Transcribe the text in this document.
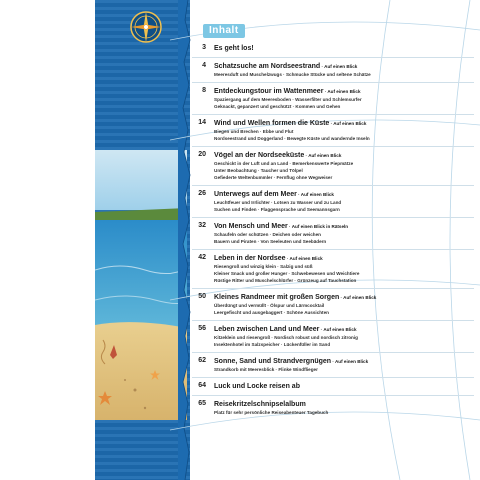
Inhalt
3 Es geht los!
4 Schatzsuche am Nordseestrand · Auf einen Blick
Meeresduft und Muschelzwugs · Schmucke Stücke und seltene Schätze
8 Entdeckungstour im Wattenmeer · Auf einen Blick
Spaziergang auf dem Meeresboden · Wasserfilter und Schlemsurfer
Geknackt, gepanzert und geschützt · Kommen und Gehen
14 Wind und Wellen formen die Küste · Auf einen Blick
Biegen und Brechen · Ebbe und Flut
Nordseestrand und Doggerland · Bewegte Küste und wandernde Inseln
20 Vögel an der Nordseeküste · Auf einen Blick
Geschickt in der Luft und an Land · Bemerkenswerte Piepmätze
Unter Beobachtung · Taucher und Tölpel
Gefiederte Weltenbummler · Fernflug ohne Wegweiser
26 Unterwegs auf dem Meer · Auf einen Blick
Leuchtfeuer und Irrlichter · Lotsen zu Wasser und zu Land
Suchen und Finden · Flaggensprache und Seemannsgarn
32 Von Mensch und Meer · Auf einen Blick in Rätseln
Schaufeln oder schützen · Deichen oder weichen
Bauern und Piraten · Von Seeleuten und Seebädern
42 Leben in der Nordsee · Auf einen Blick
Riesengroß und winzig klein · Salzig und süß
Kleiner Snack und großer Hunger · Schwebewesen und Weichtiere
Rüstige Ritter und Muschelschlürfer · Grünzeug auf Tauchstation
50 Kleines Randmeer mit großen Sorgen · Auf einen Blick
Überdüngt und vermüllt · Ölspur und Lärmcocktail
Leergefischt und ausgebaggert · Schöne Aussichten
56 Leben zwischen Land und Meer · Auf einen Blick
Kitzeklein und riesengroß · Nordisch robust und nordisch zitronig
Insektenhotel im Salzspeicher · Lückenfüller im Sand
62 Sonne, Sand und Strandvergnügen · Auf einen Blick
Strandkorb mit Meeresblick · Flinke Windflieger
64 Luck und Locke reisen ab
65 Reisekritzelschnipselalbum
Platz für sehr persönliche Reiseabenteuer Tagebuch
